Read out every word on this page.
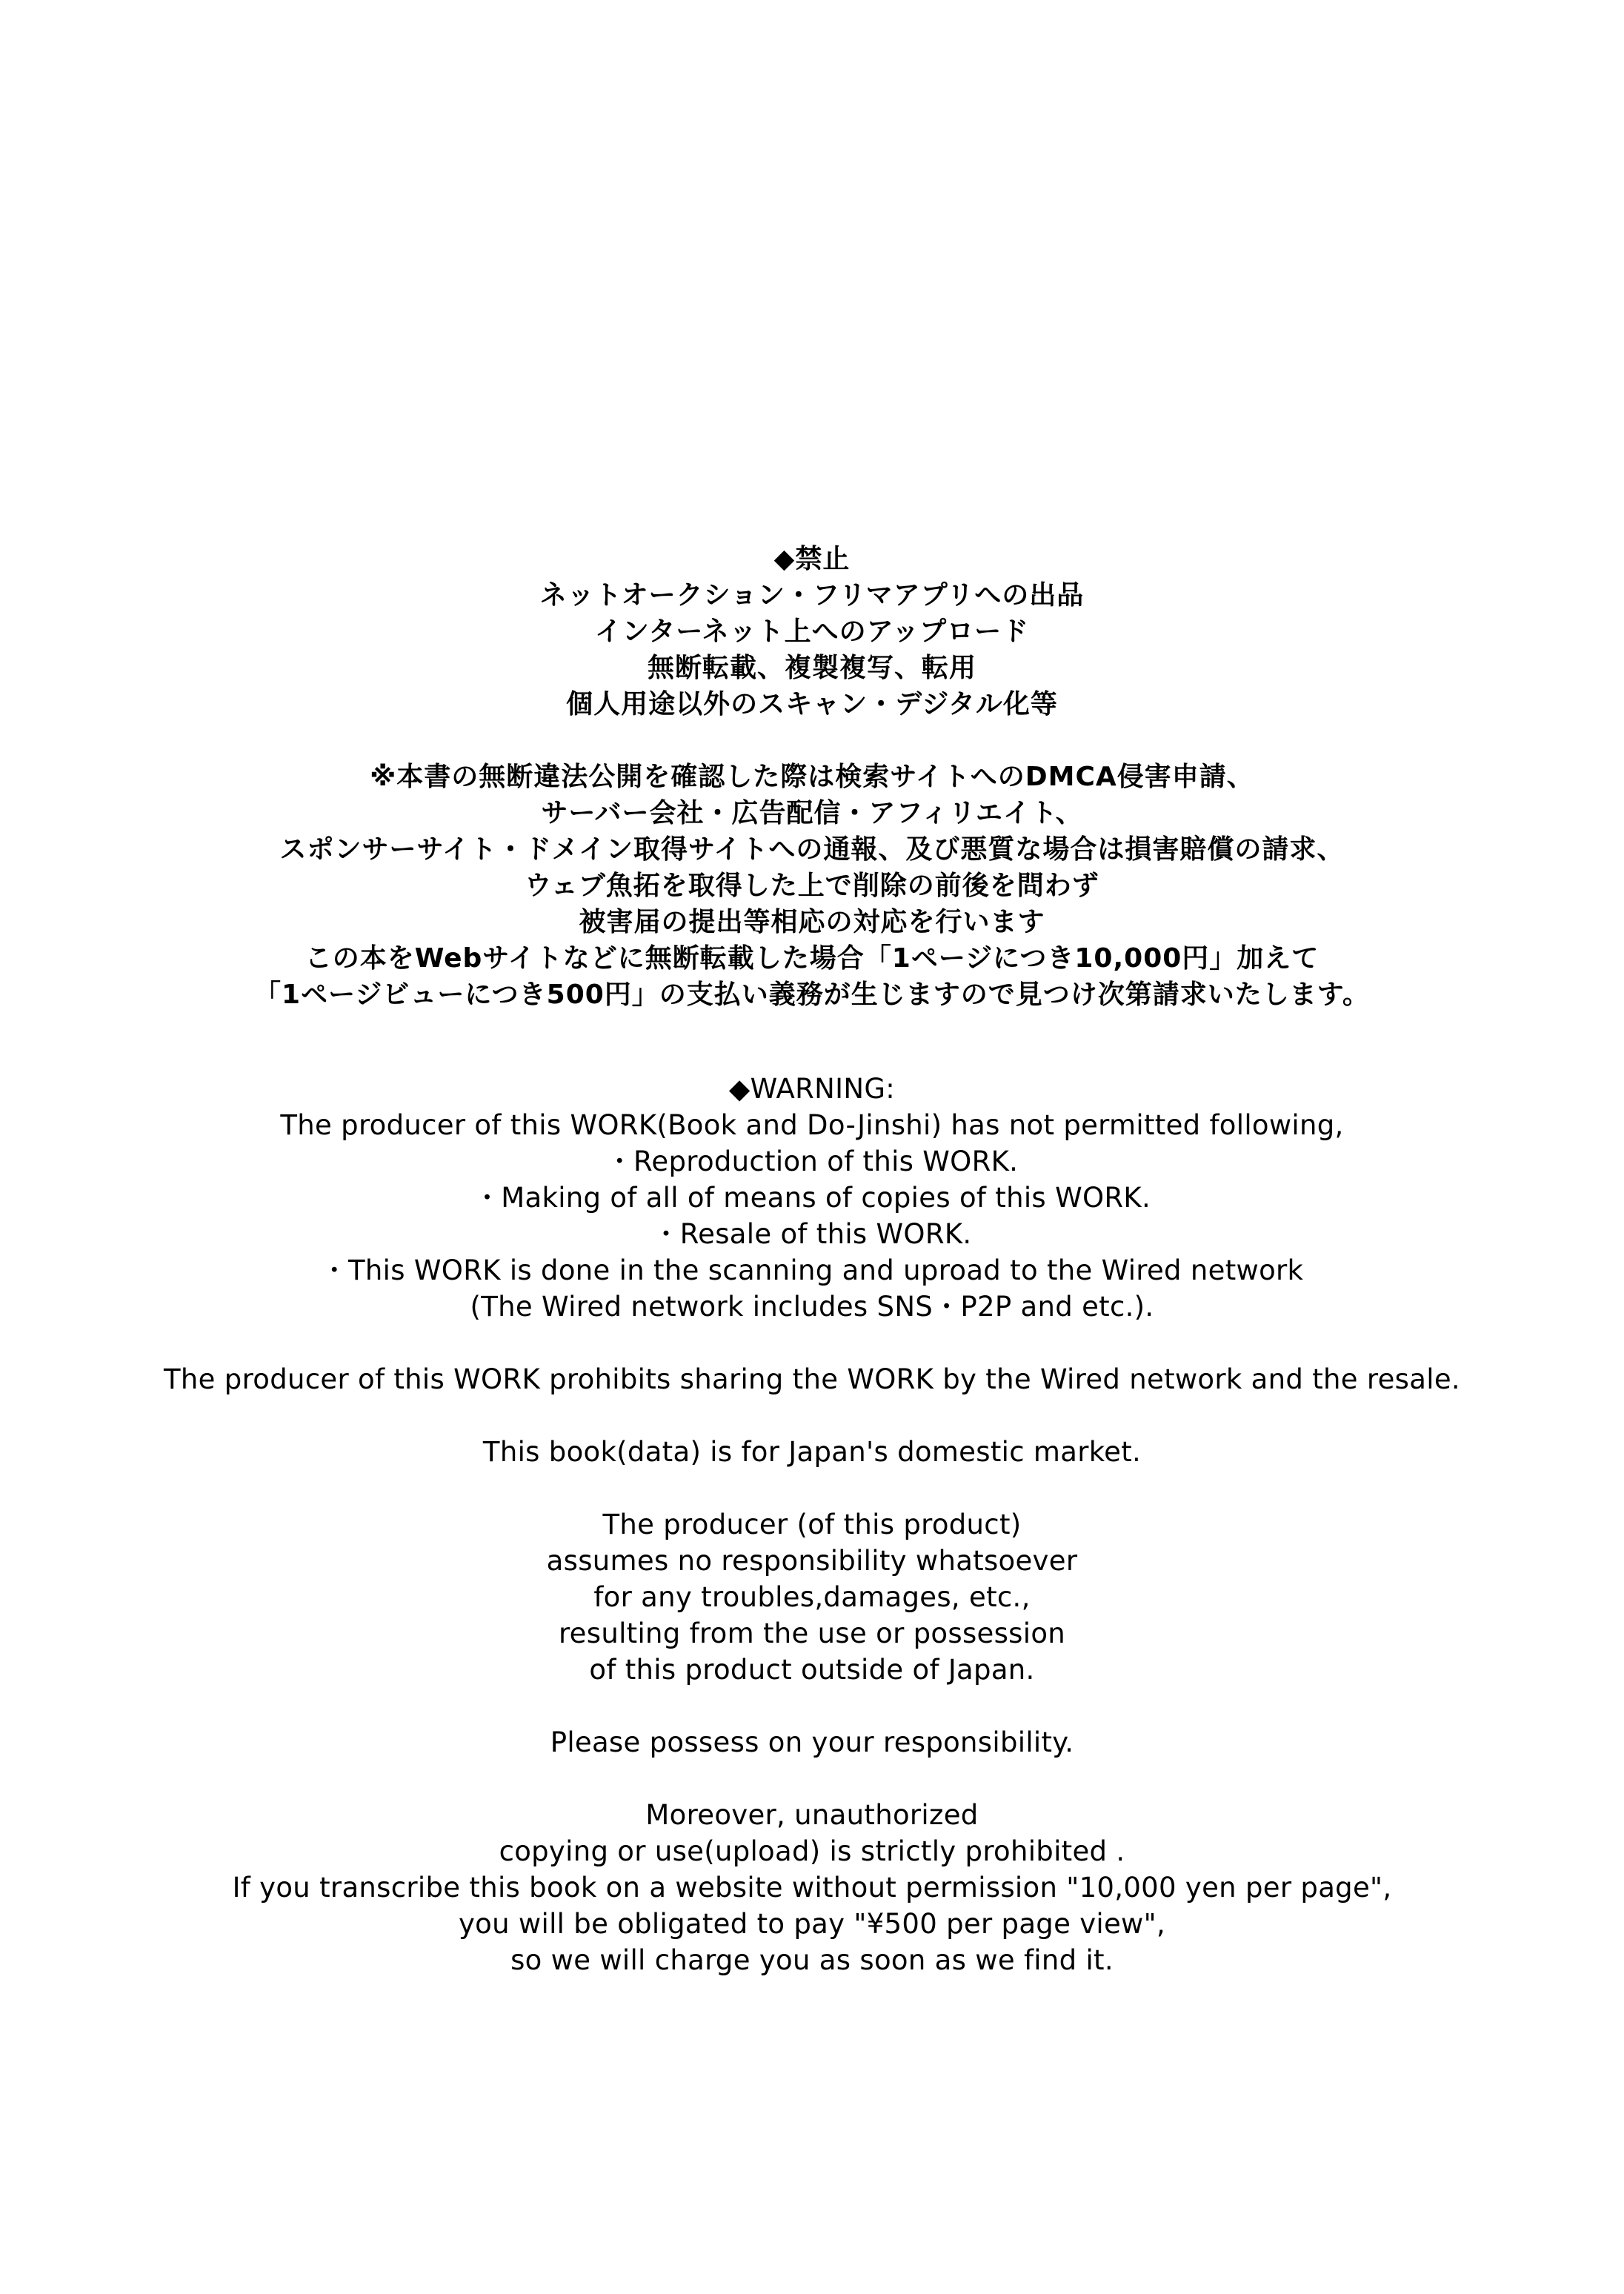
◆禁止
ネットオークション・フリマアプリへの出品
インターネット上へのアップロード
無断転載、複製複写、転用
個人用途以外のスキャン・デジタル化等
※本書の無断違法公開を確認した際は検索サイトへのDMCA侵害申請、
サーバー会社・広告配信・アフィリエイト、
スポンサーサイト・ドメイン取得サイトへの通報、及び悪質な場合は損害賠償の請求、
ウェブ魚拓を取得した上で削除の前後を問わず
被害届の提出等相応の対応を行います
この本をWebサイトなどに無断転載した場合「1ページにつき10,000円」加えて
「1ページビューにつき500円」の支払い義務が生じますので見つけ次第請求いたします。
◆WARNING:
The producer of this WORK(Book and Do-Jinshi) has not permitted following,
・Reproduction of this WORK.
・Making of all of means of copies of this WORK.
・Resale of this WORK.
・This WORK is done in the scanning and uproad to the Wired network
(The Wired network includes SNS・P2P and etc.).
The producer of this WORK prohibits sharing the WORK by the Wired network and the resale.
This book(data) is for Japan's domestic market.
The producer (of this product)
assumes no responsibility whatsoever
for any troubles,damages, etc.,
resulting from the use or possession
of this product outside of Japan.
Please possess on your responsibility.
Moreover, unauthorized
copying or use(upload) is strictly prohibited .
If you transcribe this book on a website without permission "10,000 yen per page",
you will be obligated to pay "¥500 per page view",
so we will charge you as soon as we find it.
